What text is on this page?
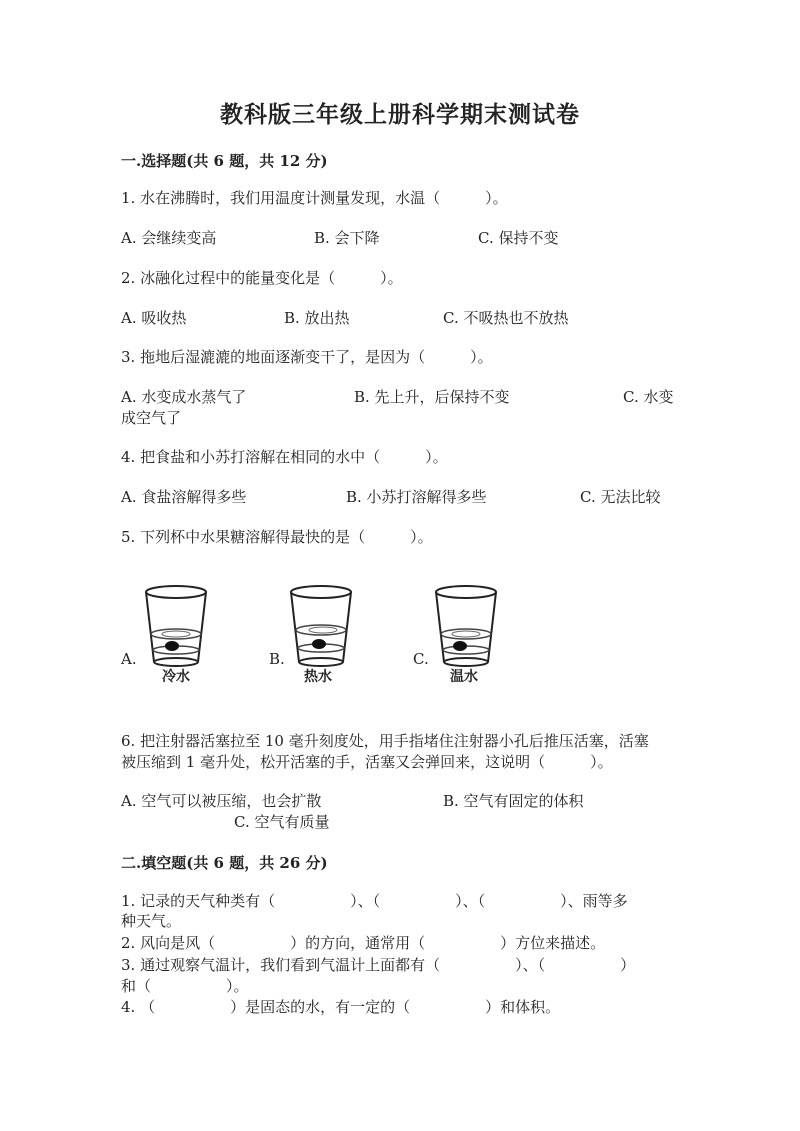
教科版三年级上册科学期末测试卷
一.选择题(共 6 题，共 12 分)
1. 水在沸腾时，我们用温度计测量发现，水温（　　　）。
A. 会继续变高	B. 会下降	C. 保持不变
2. 冰融化过程中的能量变化是（　　　）。
A. 吸收热	B. 放出热	C. 不吸热也不放热
3. 拖地后湿漉漉的地面逐渐变干了，是因为（　　　）。
A. 水变成水蒸气了	B. 先上升，后保持不变	C. 水变
成空气了
4. 把食盐和小苏打溶解在相同的水中（　　　）。
A. 食盐溶解得多些	B. 小苏打溶解得多些	C. 无法比较
5. 下列杯中水果糖溶解得最快的是（　　　）。
A.
冷水
B.
热水
C.
温水
6. 把注射器活塞拉至 10 毫升刻度处，用手指堵住注射器小孔后推压活塞，活塞
被压缩到 1 毫升处，松开活塞的手，活塞又会弹回来，这说明（　　　）。
A. 空气可以被压缩，也会扩散	B. 空气有固定的体积
C. 空气有质量
二.填空题(共 6 题，共 26 分)
1. 记录的天气种类有（　　　　　）、（　　　　　）、（　　　　　）、雨等多
种天气。
2. 风向是风（　　　　　）的方向，通常用（　　　　　）方位来描述。
3. 通过观察气温计，我们看到气温计上面都有（　　　　　）、（　　　　　）
和（　　　　　）。
4. （　　　　　）是固态的水，有一定的（　　　　　）和体积。
